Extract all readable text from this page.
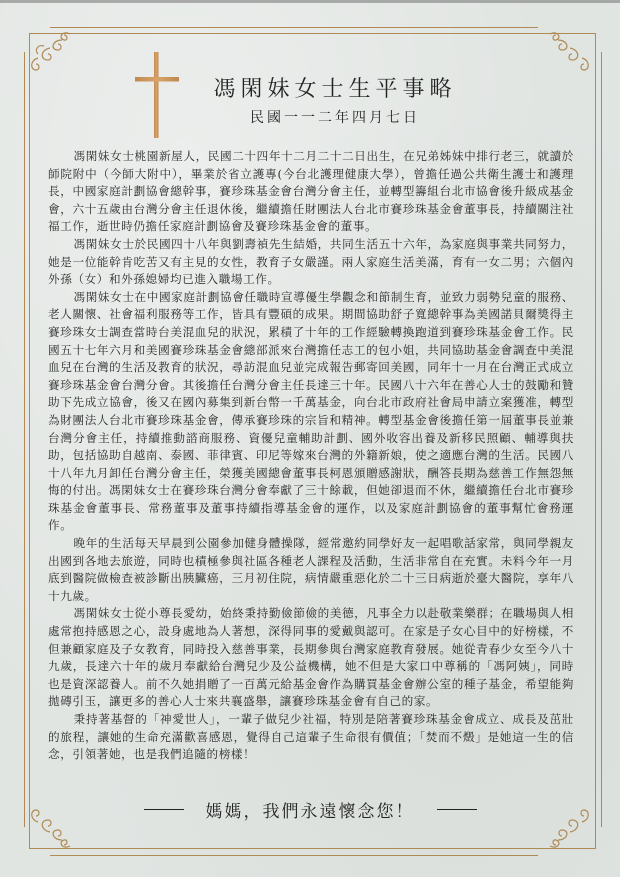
馮閑妹女士生平事略
民國一一二年四月七日

馮閑妹女士桃園新屋人，民國二十四年十二月二十二日出生，在兄弟姊妹中排行老三，就讀於師院附中（今師大附中），畢業於省立護專(今台北護理健康大學），曾擔任過公共衛生護士和護理長，中國家庭計劃協會總幹事，賽珍珠基金會台灣分會主任，並轉型籌組台北市協會後升級成基金會，六十五歲由台灣分會主任退休後，繼續擔任財團法人台北市賽珍珠基金會董事長，持續關注社福工作，逝世時仍擔任家庭計劃協會及賽珍珠基金會的董事。

馮閑妹女士於民國四十八年與劉壽禎先生結婚，共同生活五十六年，為家庭與事業共同努力，她是一位能幹肯吃苦又有主見的女性，教育子女嚴謹。兩人家庭生活美滿，育有一女二男；六個內外孫（女）和外孫媳婦均已進入職場工作。

馮閑妹女士在中國家庭計劃協會任職時宣導優生學觀念和節制生育，並致力弱勢兒童的服務、老人關懷、社會福利服務等工作，皆具有豐碩的成果。期間協助舒子寬總幹事為美國諾貝爾獎得主賽珍珠女士調查當時台美混血兒的狀況，累積了十年的工作經驗轉換跑道到賽珍珠基金會工作。民國五十七年六月和美國賽珍珠基金會總部派來台灣擔任志工的包小姐，共同協助基金會調查中美混血兒在台灣的生活及教育的狀況，尋訪混血兒並完成報告郵寄回美國，同年十一月在台灣正式成立賽珍珠基金會台灣分會。其後擔任台灣分會主任長達三十年。民國八十六年在善心人士的鼓勵和贊助下先成立協會，後又在國內募集到新台幣一千萬基金，向台北市政府社會局申請立案獲准，轉型為財團法人台北市賽珍珠基金會，傳承賽珍珠的宗旨和精神。轉型基金會後擔任第一屆董事長並兼台灣分會主任，持續推動諮商服務、資優兒童輔助計劃、國外收容出養及新移民照顧、輔導與扶助，包括協助自越南、泰國、菲律賓、印尼等嫁來台灣的外籍新娘，使之適應台灣的生活。民國八十八年九月卸任台灣分會主任，榮獲美國總會董事長柯恩頒贈感謝狀，酬答長期為慈善工作無怨無悔的付出。馮閑妹女士在賽珍珠台灣分會奉獻了三十餘載，但她卻退而不休，繼續擔任台北市賽珍珠基金會董事長、常務董事及董事持續指導基金會的運作，以及家庭計劃協會的董事幫忙會務運作。

晚年的生活每天早晨到公園參加健身體操隊，經常邀約同學好友一起唱歌話家常，與同學親友出國到各地去旅遊，同時也積極參與社區各種老人課程及活動，生活非常自在充實。未料今年一月底到醫院做檢查被診斷出胰臟癌，三月初住院，病情嚴重惡化於二十三日病逝於臺大醫院，享年八十九歲。

馮閑妹女士從小尊長愛幼，始終秉持勤儉節儉的美德，凡事全力以赴敬業樂群；在職場與人相處常抱持感恩之心，設身處地為人著想，深得同事的愛戴與認可。在家是子女心目中的好榜樣，不但兼顧家庭及子女教育，同時投入慈善事業，長期參與台灣家庭教育發展。她從青春少女至今八十九歲，長達六十年的歲月奉獻給台灣兒少及公益機構，她不但是大家口中尊稱的「馮阿姨」，同時也是資深認養人。前不久她捐贈了一百萬元給基金會作為購買基金會辦公室的種子基金，希望能夠拋磚引玉，讓更多的善心人士來共襄盛舉，讓賽珍珠基金會有自己的家。

秉持著基督的「神愛世人」，一輩子做兒少社福，特別是陪著賽珍珠基金會成立、成長及茁壯的旅程，讓她的生命充滿歡喜感恩，覺得自己這輩子生命很有價值；「焚而不燬」是她這一生的信念，引領著她，也是我們追隨的榜樣！

媽媽，我們永遠懷念您！
